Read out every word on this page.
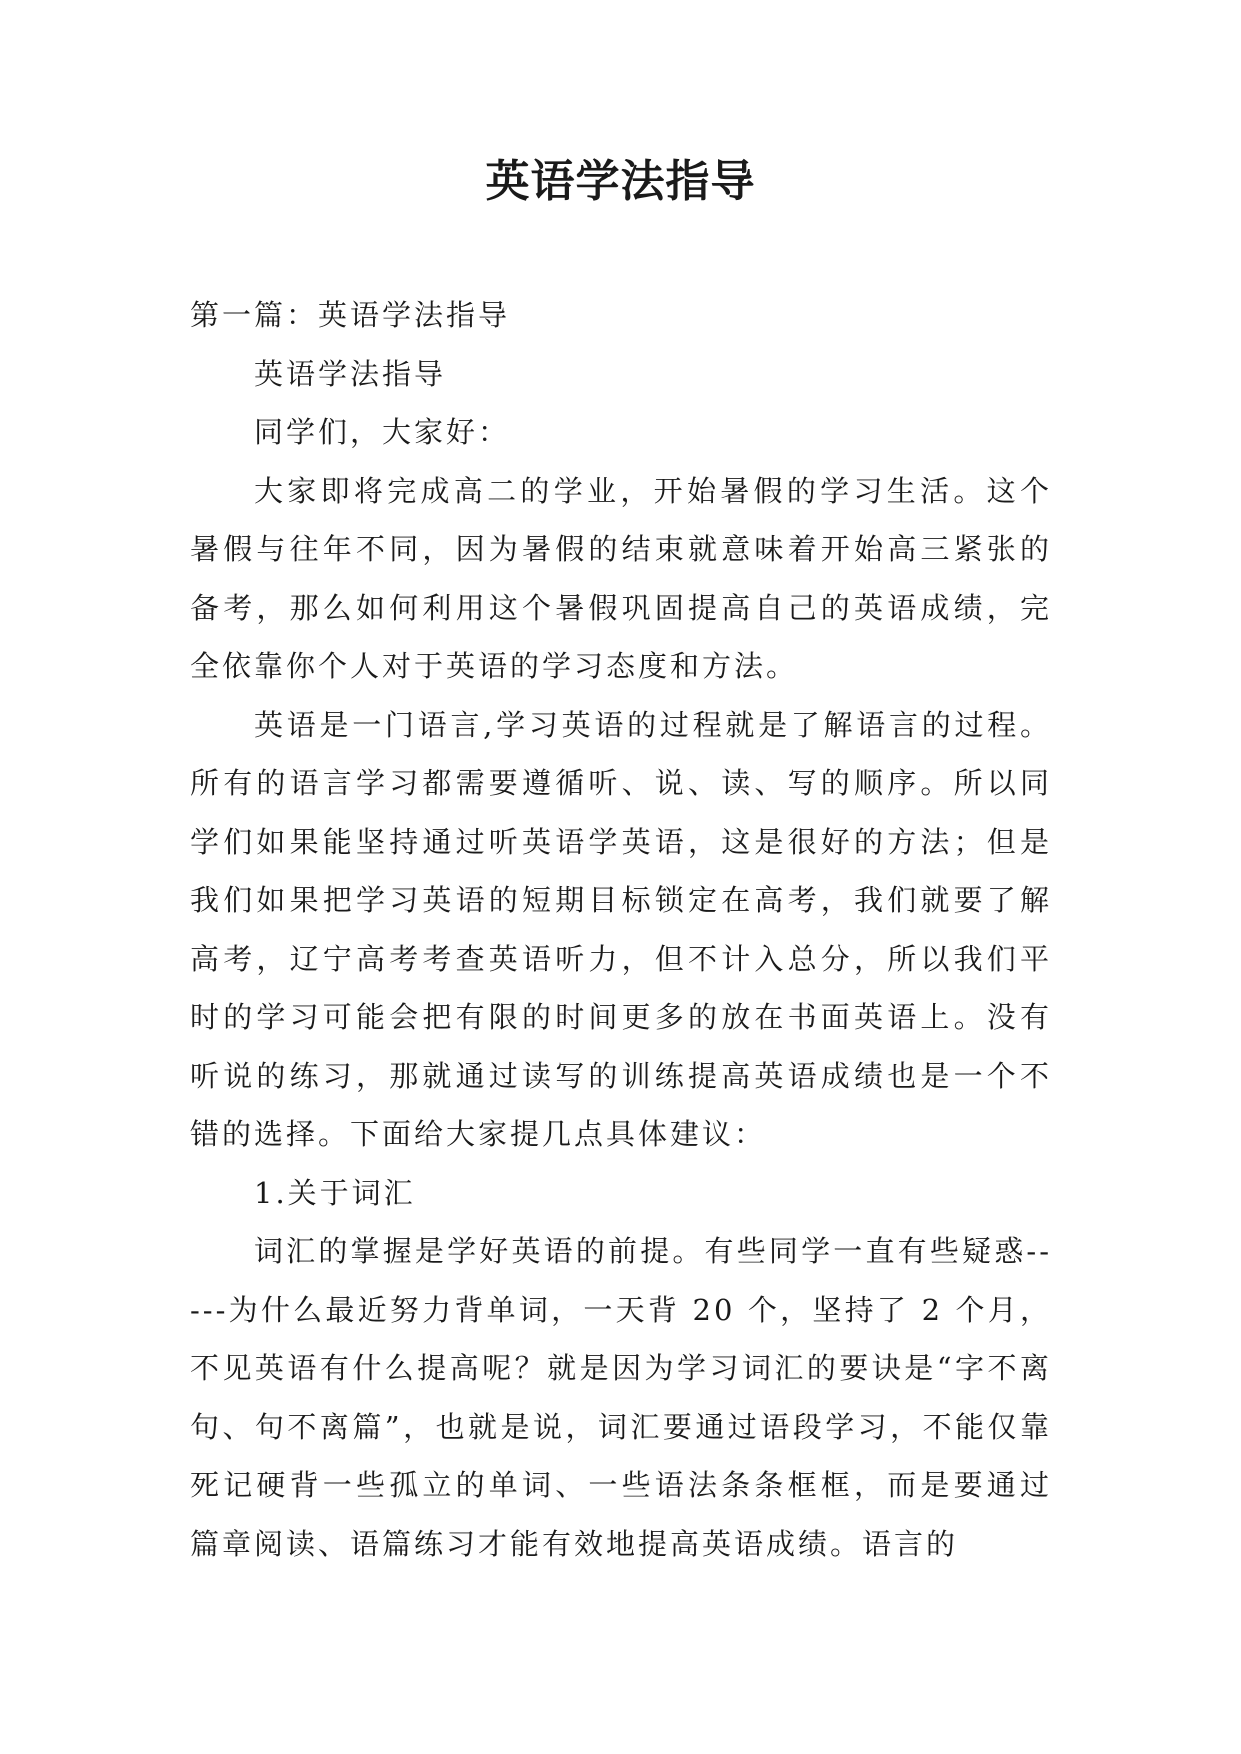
英语学法指导

第一篇：英语学法指导

英语学法指导

同学们，大家好：

大家即将完成高二的学业，开始暑假的学习生活。这个暑假与往年不同，因为暑假的结束就意味着开始高三紧张的备考，那么如何利用这个暑假巩固提高自己的英语成绩，完全依靠你个人对于英语的学习态度和方法。

英语是一门语言,学习英语的过程就是了解语言的过程。所有的语言学习都需要遵循听、说、读、写的顺序。所以同学们如果能坚持通过听英语学英语，这是很好的方法；但是我们如果把学习英语的短期目标锁定在高考，我们就要了解高考，辽宁高考考查英语听力，但不计入总分，所以我们平时的学习可能会把有限的时间更多的放在书面英语上。没有听说的练习，那就通过读写的训练提高英语成绩也是一个不错的选择。下面给大家提几点具体建议：

1.关于词汇

词汇的掌握是学好英语的前提。有些同学一直有些疑惑-----为什么最近努力背单词，一天背 20 个，坚持了 2 个月，不见英语有什么提高呢？就是因为学习词汇的要诀是“字不离句、句不离篇”，也就是说，词汇要通过语段学习，不能仅靠死记硬背一些孤立的单词、一些语法条条框框，而是要通过篇章阅读、语篇练习才能有效地提高英语成绩。语言的
